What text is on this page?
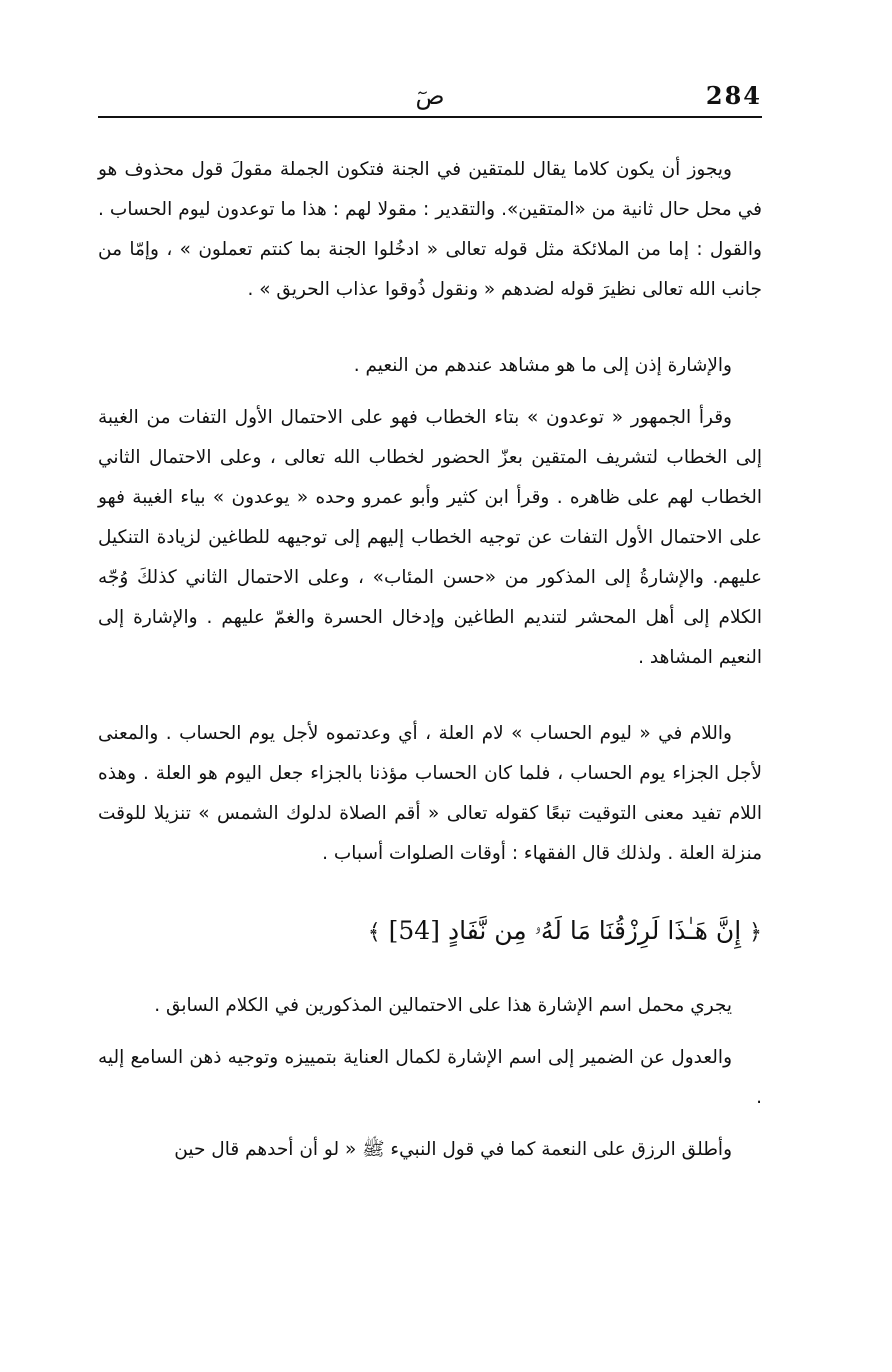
284
صٓ

ويجوز أن يكون كلاما يقال للمتقين في الجنة فتكون الجملة مقولَ قول محذوف هو في محل حال ثانية من «المتقين». والتقدير : مقولا لهم : هذا ما توعدون ليوم الحساب . والقول : إما من الملائكة مثل قوله تعالى « ادخُلوا الجنة بما كنتم تعملون » ، وإمّا من جانب الله تعالى نظيرَ قوله لضدهم « ونقول ذُوقوا عذاب الحريق » .

والإشارة إذن إلى ما هو مشاهد عندهم من النعيم .

وقرأ الجمهور « توعدون » بتاء الخطاب فهو على الاحتمال الأول التفات من الغيبة إلى الخطاب لتشريف المتقين بعزّ الحضور لخطاب الله تعالى ، وعلى الاحتمال الثاني الخطاب لهم على ظاهره . وقرأ ابن كثير وأبو عمرو وحده « يوعدون » بياء الغيبة فهو على الاحتمال الأول التفات عن توجيه الخطاب إليهم إلى توجيهه للطاغين لزيادة التنكيل عليهم. والإشارةُ إلى المذكور من «حسن المئاب» ، وعلى الاحتمال الثاني كذلكَ وُجّه الكلام إلى أهل المحشر لتنديم الطاغين وإدخال الحسرة والغمّ عليهم . والإشارة إلى النعيم المشاهد .

واللام في « ليوم الحساب » لام العلة ، أي وعدتموه لأجل يوم الحساب . والمعنى لأجل الجزاء يوم الحساب ، فلما كان الحساب مؤذنا بالجزاء جعل اليوم هو العلة . وهذه اللام تفيد معنى التوقيت تبعًا كقوله تعالى « أقم الصلاة لدلوك الشمس » تنزيلا للوقت منزلة العلة . ولذلك قال الفقهاء : أوقات الصلوات أسباب .

﴿ إِنَّ هَـٰذَا لَرِزْقُنَا مَا لَهُۥ مِن نَّفَادٍ [54] ﴾

يجري محمل اسم الإشارة هذا على الاحتمالين المذكورين في الكلام السابق .

والعدول عن الضمير إلى اسم الإشارة لكمال العناية بتمييزه وتوجيه ذهن السامع إليه .

وأطلق الرزق على النعمة كما في قول النبيء ﷺ « لو أن أحدهم قال حين
